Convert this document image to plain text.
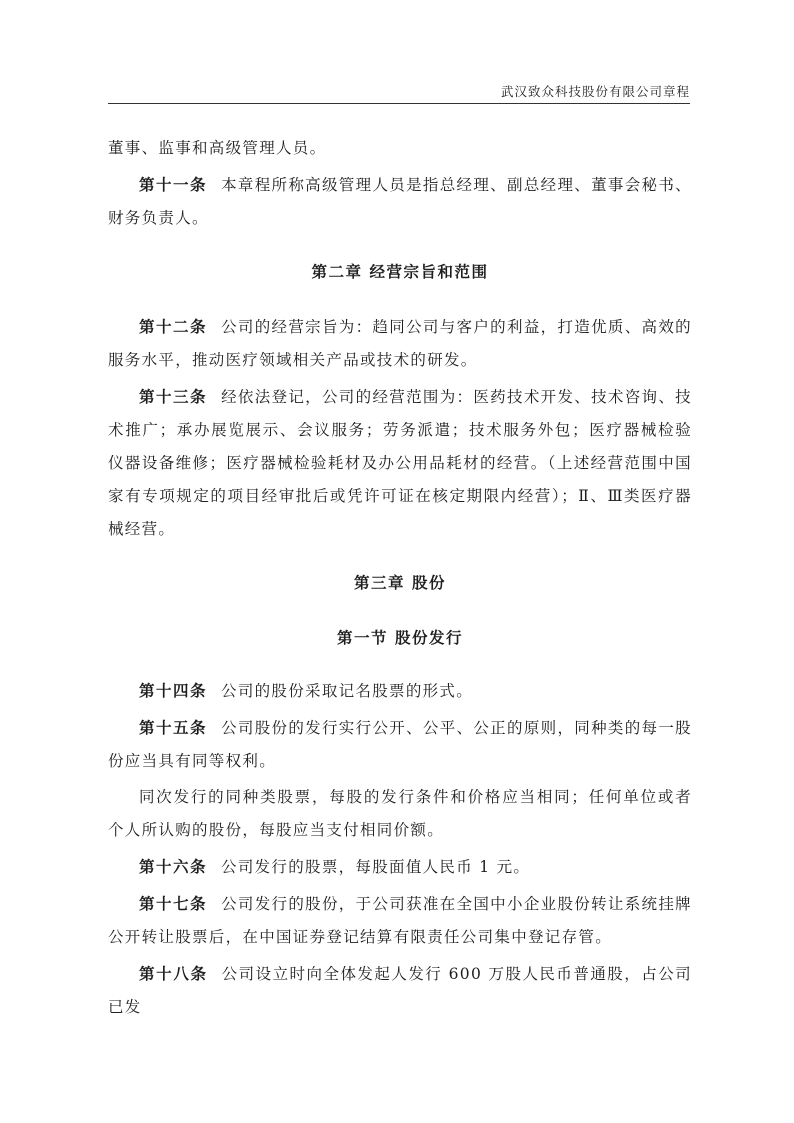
武汉致众科技股份有限公司章程

董事、监事和高级管理人员。

第十一条 本章程所称高级管理人员是指总经理、副总经理、董事会秘书、财务负责人。

第二章 经营宗旨和范围

第十二条 公司的经营宗旨为：趋同公司与客户的利益，打造优质、高效的服务水平，推动医疗领域相关产品或技术的研发。

第十三条 经依法登记，公司的经营范围为：医药技术开发、技术咨询、技术推广；承办展览展示、会议服务；劳务派遣；技术服务外包；医疗器械检验仪器设备维修；医疗器械检验耗材及办公用品耗材的经营。（上述经营范围中国家有专项规定的项目经审批后或凭许可证在核定期限内经营）；Ⅱ、Ⅲ类医疗器械经营。

第三章 股份
第一节 股份发行

第十四条 公司的股份采取记名股票的形式。

第十五条 公司股份的发行实行公开、公平、公正的原则，同种类的每一股份应当具有同等权利。

同次发行的同种类股票，每股的发行条件和价格应当相同；任何单位或者个人所认购的股份，每股应当支付相同价额。

第十六条 公司发行的股票，每股面值人民币 1 元。

第十七条 公司发行的股份，于公司获准在全国中小企业股份转让系统挂牌公开转让股票后，在中国证券登记结算有限责任公司集中登记存管。

第十八条 公司设立时向全体发起人发行 600 万股人民币普通股，占公司已发
